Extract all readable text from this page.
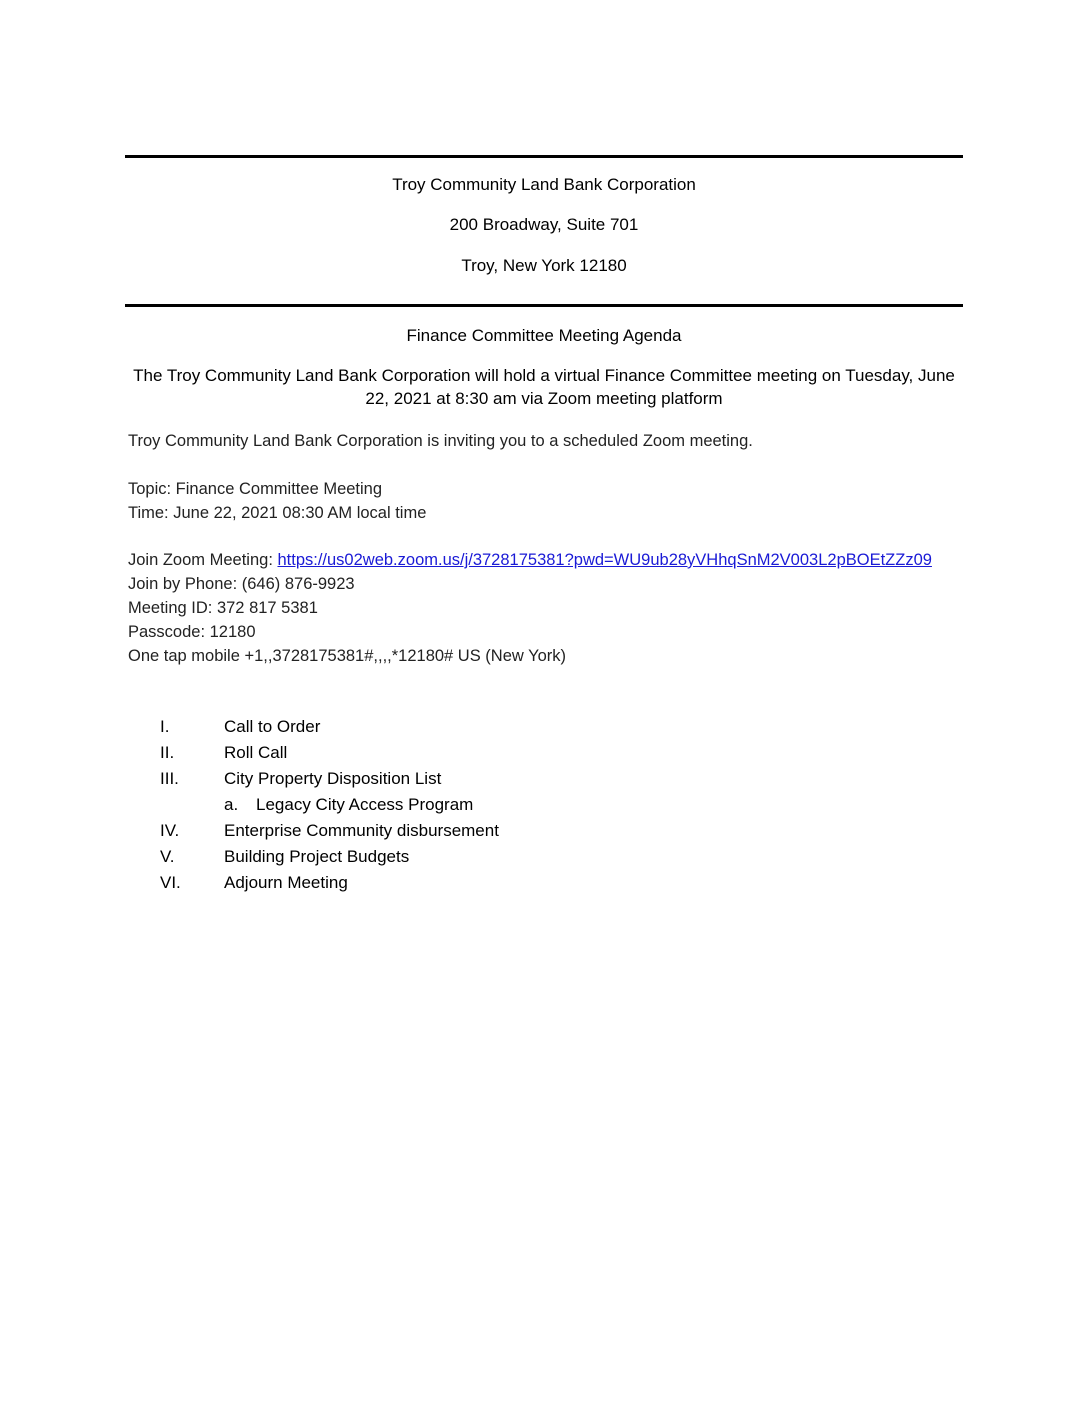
Troy Community Land Bank Corporation
200 Broadway, Suite 701
Troy, New York 12180
Finance Committee Meeting Agenda
The Troy Community Land Bank Corporation will hold a virtual Finance Committee meeting on Tuesday, June 22, 2021 at 8:30 am via Zoom meeting platform
Troy Community Land Bank Corporation is inviting you to a scheduled Zoom meeting.
Topic: Finance Committee Meeting
Time: June 22, 2021 08:30 AM local time
Join Zoom Meeting: https://us02web.zoom.us/j/3728175381?pwd=WU9ub28yVHhqSnM2V003L2pBOEtZZz09
Join by Phone: (646) 876-9923
Meeting ID: 372 817 5381
Passcode: 12180
One tap mobile +1,,3728175381#,,,,*12180# US (New York)
I.	Call to Order
II.	Roll Call
III.	City Property Disposition List
a.	Legacy City Access Program
IV.	Enterprise Community disbursement
V.	Building Project Budgets
VI.	Adjourn Meeting
